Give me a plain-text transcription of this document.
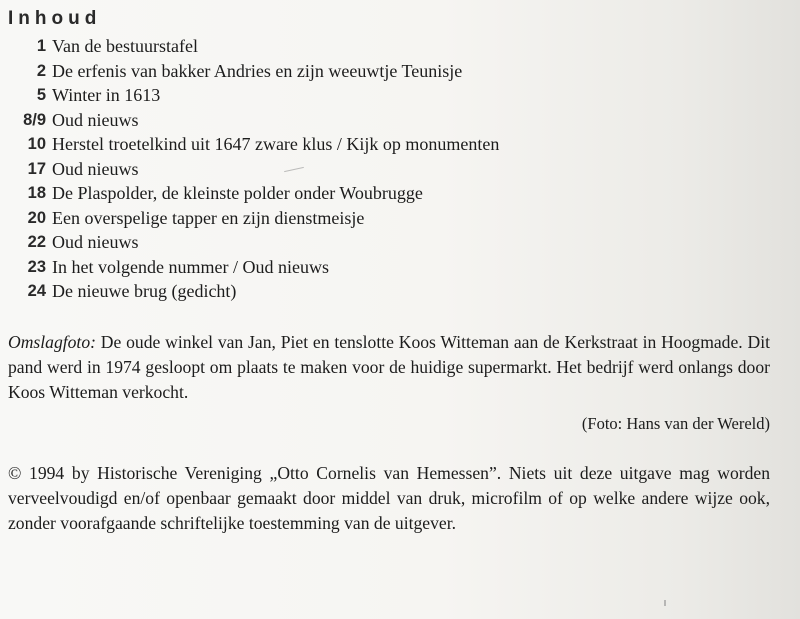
Inhoud
1 Van de bestuurstafel
2 De erfenis van bakker Andries en zijn weeuwtje Teunisje
5 Winter in 1613
8/9 Oud nieuws
10 Herstel troetelkind uit 1647 zware klus / Kijk op monumenten
17 Oud nieuws
18 De Plaspolder, de kleinste polder onder Woubrugge
20 Een overspelige tapper en zijn dienstmeisje
22 Oud nieuws
23 In het volgende nummer / Oud nieuws
24 De nieuwe brug (gedicht)

Omslagfoto: De oude winkel van Jan, Piet en tenslotte Koos Witteman aan de Kerkstraat in Hoogmade. Dit pand werd in 1974 gesloopt om plaats te maken voor de huidige supermarkt. Het bedrijf werd onlangs door Koos Witteman verkocht.

(Foto: Hans van der Wereld)

© 1994 by Historische Vereniging „Otto Cornelis van Hemessen”. Niets uit deze uitgave mag worden verveelvoudigd en/of openbaar gemaakt door middel van druk, microfilm of op welke andere wijze ook, zonder voorafgaande schriftelijke toestemming van de uitgever.
